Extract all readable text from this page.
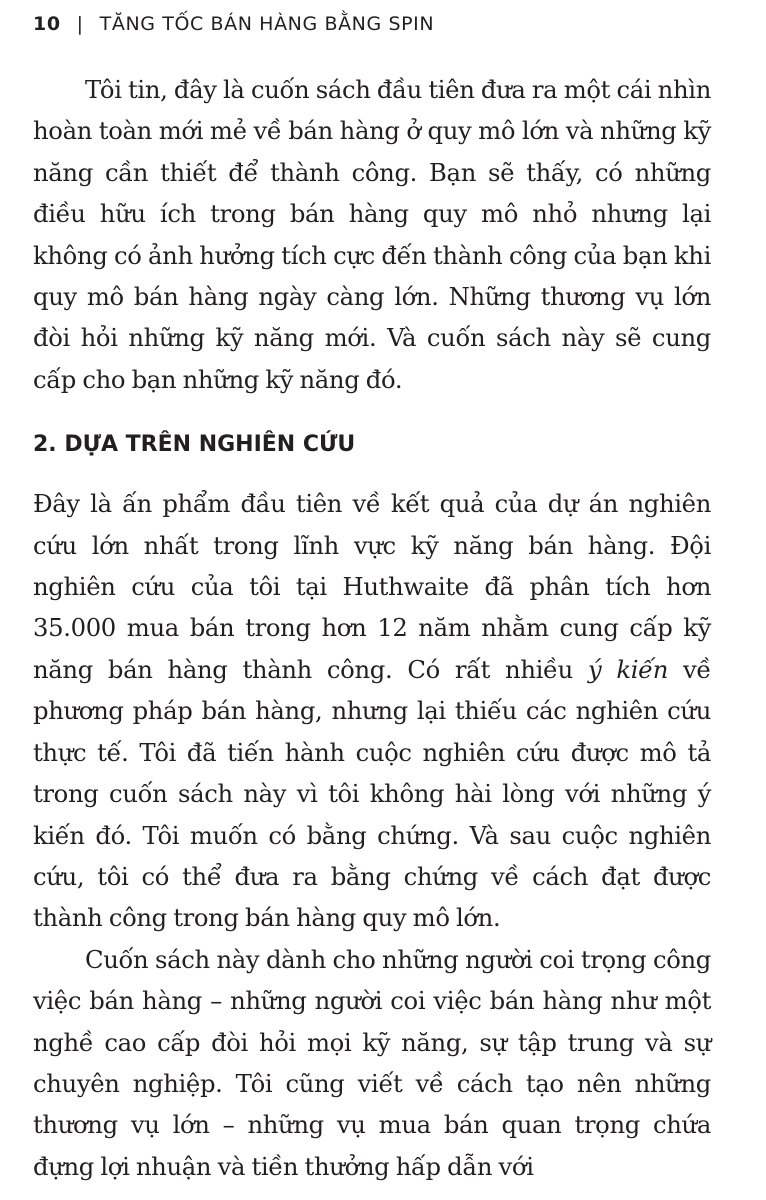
10 | TĂNG TỐC BÁN HÀNG BẰNG SPIN

Tôi tin, đây là cuốn sách đầu tiên đưa ra một cái nhìn hoàn toàn mới mẻ về bán hàng ở quy mô lớn và những kỹ năng cần thiết để thành công. Bạn sẽ thấy, có những điều hữu ích trong bán hàng quy mô nhỏ nhưng lại không có ảnh hưởng tích cực đến thành công của bạn khi quy mô bán hàng ngày càng lớn. Những thương vụ lớn đòi hỏi những kỹ năng mới. Và cuốn sách này sẽ cung cấp cho bạn những kỹ năng đó.

2. DỰA TRÊN NGHIÊN CỨU

Đây là ấn phẩm đầu tiên về kết quả của dự án nghiên cứu lớn nhất trong lĩnh vực kỹ năng bán hàng. Đội nghiên cứu của tôi tại Huthwaite đã phân tích hơn 35.000 mua bán trong hơn 12 năm nhằm cung cấp kỹ năng bán hàng thành công. Có rất nhiều ý kiến về phương pháp bán hàng, nhưng lại thiếu các nghiên cứu thực tế. Tôi đã tiến hành cuộc nghiên cứu được mô tả trong cuốn sách này vì tôi không hài lòng với những ý kiến đó. Tôi muốn có bằng chứng. Và sau cuộc nghiên cứu, tôi có thể đưa ra bằng chứng về cách đạt được thành công trong bán hàng quy mô lớn.

Cuốn sách này dành cho những người coi trọng công việc bán hàng – những người coi việc bán hàng như một nghề cao cấp đòi hỏi mọi kỹ năng, sự tập trung và sự chuyên nghiệp. Tôi cũng viết về cách tạo nên những thương vụ lớn – những vụ mua bán quan trọng chứa đựng lợi nhuận và tiền thưởng hấp dẫn với
